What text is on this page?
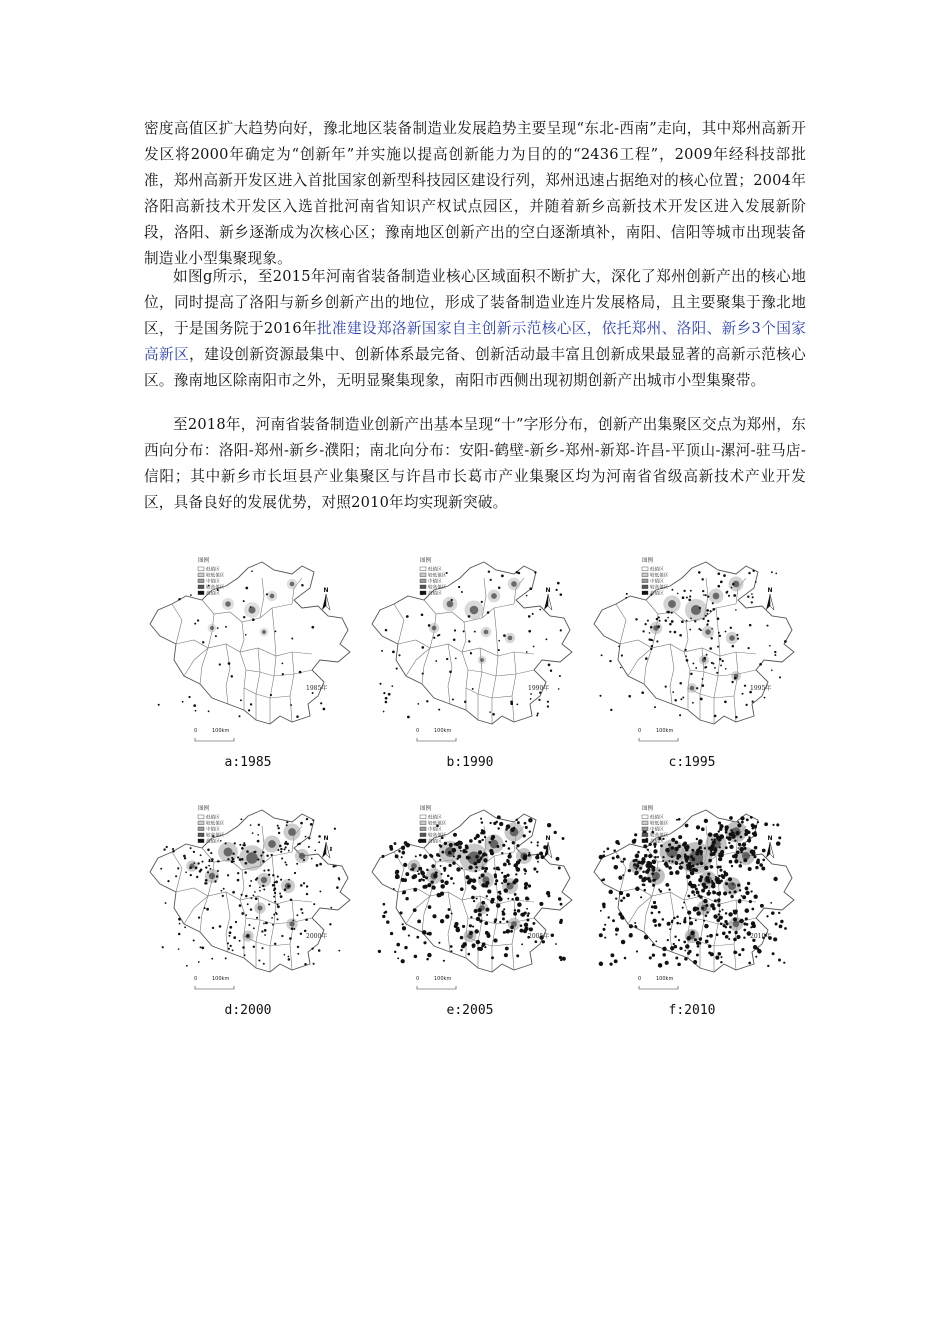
密度高值区扩大趋势向好，豫北地区装备制造业发展趋势主要呈现“东北-西南”走向，其中郑州高新开发区将2000年确定为“创新年”并实施以提高创新能力为目的的“2436工程”，2009年经科技部批准，郑州高新开发区进入首批国家创新型科技园区建设行列，郑州迅速占据绝对的核心位置；2004年洛阳高新技术开发区入选首批河南省知识产权试点园区，并随着新乡高新技术开发区进入发展新阶段，洛阳、新乡逐渐成为次核心区；豫南地区创新产出的空白逐渐填补，南阳、信阳等城市出现装备制造业小型集聚现象。

如图g所示，至2015年河南省装备制造业核心区域面积不断扩大，深化了郑州创新产出的核心地位，同时提高了洛阳与新乡创新产出的地位，形成了装备制造业连片发展格局，且主要聚集于豫北地区，于是国务院于2016年批准建设郑洛新国家自主创新示范核心区，依托郑州、洛阳、新乡3个国家高新区，建设创新资源最集中、创新体系最完备、创新活动最丰富且创新成果最显著的高新示范核心区。豫南地区除南阳市之外，无明显聚集现象，南阳市西侧出现初期创新产出城市小型集聚带。

至2018年，河南省装备制造业创新产出基本呈现“十”字形分布，创新产出集聚区交点为郑州，东西向分布：洛阳-郑州-新乡-濮阳；南北向分布：安阳-鹤壁-新乡-郑州-新郑-许昌-平顶山-漯河-驻马店-信阳；其中新乡市长垣县产业集聚区与许昌市长葛市产业集聚区均为河南省省级高新技术产业开发区，具备良好的发展优势，对照2010年均实现新突破。

图例
低值区
较低值区
中值区
较高值区
高值区	N
1985年
0	100km
a:1985
图例
低值区
较低值区
中值区
较高值区
高值区	N
1990年
0	100km
b:1990
图例
低值区
较低值区
中值区
较高值区
高值区	N
1995年
0	100km
c:1995
图例
低值区
较低值区
中值区
较高值区
高值区	N
2000年
0	100km
d:2000
图例
低值区
较低值区
中值区
较高值区
高值区	N
2005年
0	100km
e:2005
图例
低值区
较低值区
中值区
较高值区
高值区	N
2010年
0	100km
f:2010
